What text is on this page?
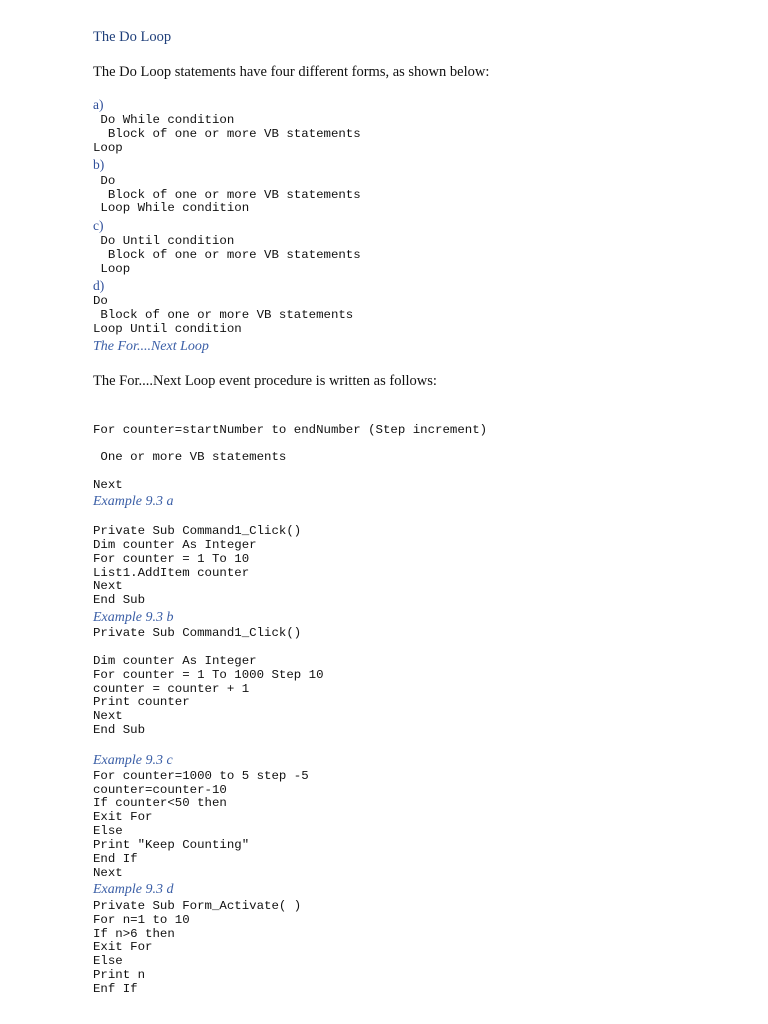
The Do Loop
The Do Loop statements have four different forms, as shown below:
a)
Do While condition
Block of one or more VB statements
Loop
b)
Do
Block of one or more VB statements
Loop While condition
c)
Do Until condition
Block of one or more VB statements
Loop
d)
Do
Block of one or more VB statements
Loop Until condition
The For....Next Loop
The For....Next Loop event procedure is written as follows:
For counter=startNumber to endNumber (Step increment)
One or more VB statements
Next
Example 9.3 a
Private Sub Command1_Click()
Dim counter As Integer
For counter = 1 To 10
List1.AddItem counter
Next
End Sub
Example 9.3 b
Private Sub Command1_Click()
Dim counter As Integer
For counter = 1 To 1000 Step 10
counter = counter + 1
Print counter
Next
End Sub
Example 9.3 c
For counter=1000 to 5 step -5
counter=counter-10
If counter<50 then
Exit For
Else
Print "Keep Counting"
End If
Next
Example 9.3 d
Private Sub Form_Activate( )
For n=1 to 10
If n>6 then
Exit For
Else
Print n
Enf If
